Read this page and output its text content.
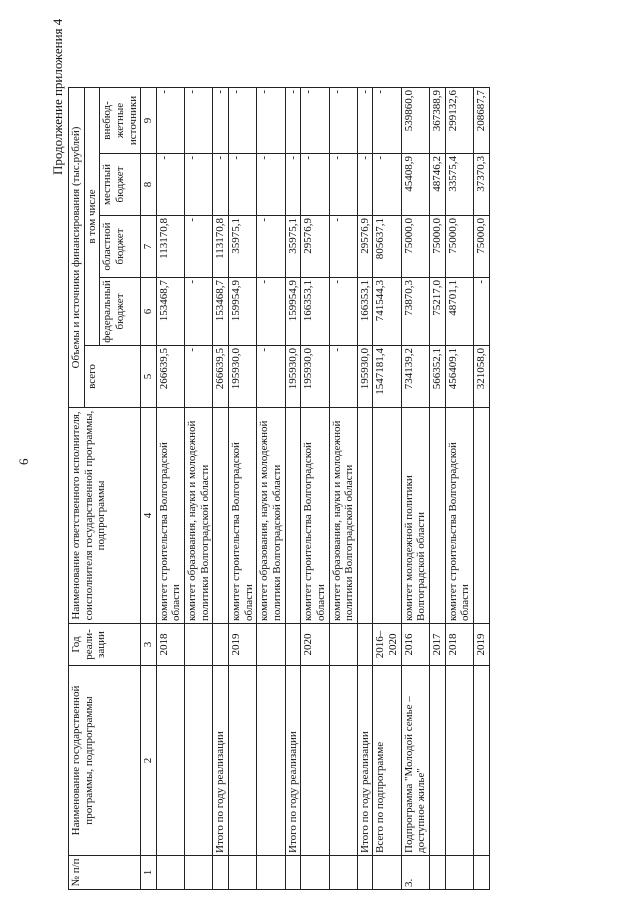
6
Продолжение приложения 4
№ п/п	Наименование государственной программы, подпрограммы	Год реали-зации	Наименование ответственного исполнителя, соисполнителя государственной программы, подпрограммы	Объемы и источники финансирования (тыс.рублей)				
				всего	в том числе			
					федеральный бюджет	областной бюджет	местный бюджет	внебюд-жетные источники
1	2	3	4	5	6	7	8	9
		2018	комитет строительства Волгоградской области	266639,5	153468,7	113170,8	-	-
			комитет образования, науки и молодежной политики Волгоградской области	-	-	-	-	-
	Итого по году реализации			266639,5	153468,7	113170,8	-	-
		2019	комитет строительства Волгоградской области	195930,0	159954,9	35975,1	-	-
			комитет образования, науки и молодежной политики Волгоградской области	-	-	-	-	-
	Итого по году реализации			195930,0	159954,9	35975,1	-	-
		2020	комитет строительства Волгоградской области	195930,0	166353,1	29576,9	-	-
			комитет образования, науки и молодежной политики Волгоградской области	-	-	-	-	-
	Итого по году реализации			195930,0	166353,1	29576,9	-	-
	Всего по подпрограмме	2016–2020		1547181,4	741544,3	805637,1	-	-
3.	Подпрограмма "Молодой семье – доступное жилье"	2016	комитет молодежной политики Волгоградской области	734139,2	73870,3	75000,0	45408,9	539860,0
		2017		566352,1	75217,0	75000,0	48746,2	367388,9
		2018	комитет строительства Волгоградской области	456409,1	48701,1	75000,0	33575,4	299132,6
		2019		321058,0	-	75000,0	37370,3	208687,7
